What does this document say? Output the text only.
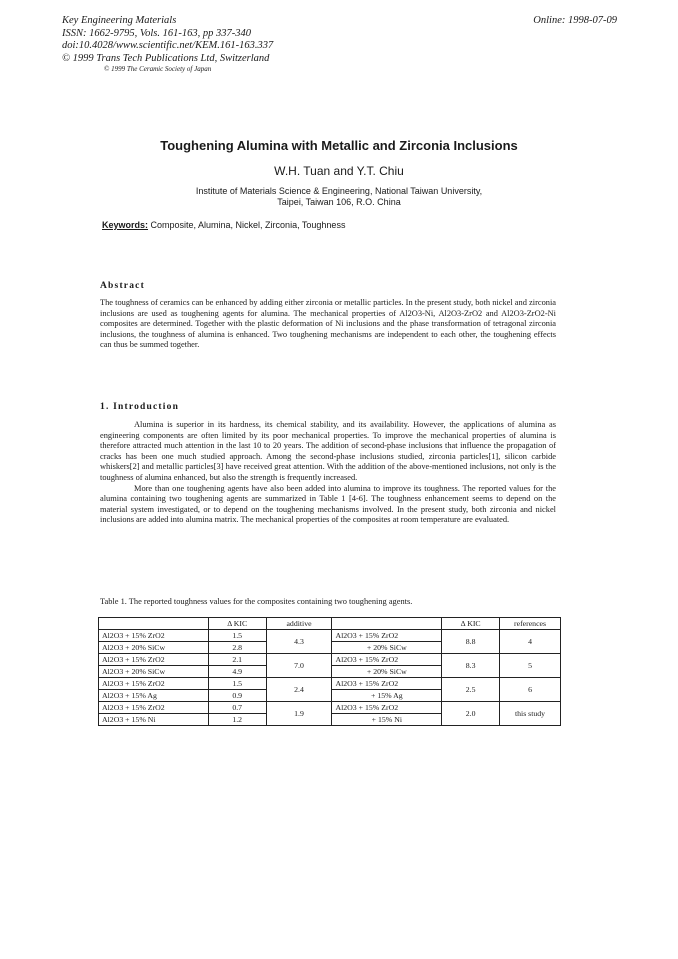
Key Engineering Materials
ISSN: 1662-9795, Vols. 161-163, pp 337-340
doi:10.4028/www.scientific.net/KEM.161-163.337
© 1999 Trans Tech Publications Ltd, Switzerland
© 1999 The Ceramic Society of Japan
Online: 1998-07-09
Toughening Alumina with Metallic and Zirconia Inclusions
W.H. Tuan and Y.T. Chiu
Institute of Materials Science & Engineering, National Taiwan University,
Taipei, Taiwan 106, R.O. China
Keywords: Composite, Alumina, Nickel, Zirconia, Toughness
Abstract

The toughness of ceramics can be enhanced by adding either zirconia or metallic particles. In the present study, both nickel and zirconia inclusions are used as toughening agents for alumina. The mechanical properties of Al2O3-Ni, Al2O3-ZrO2 and Al2O3-ZrO2-Ni composites are determined. Together with the plastic deformation of Ni inclusions and the phase transformation of tetragonal zirconia inclusions, the toughness of alumina is enhanced. Two toughening mechanisms are independent to each other, the toughening effects can thus be summed together.

1. Introduction

Alumina is superior in its hardness, its chemical stability, and its availability. However, the applications of alumina as engineering components are often limited by its poor mechanical properties. To improve the mechanical properties of alumina is therefore attracted much attention in the last 10 to 20 years. The addition of second-phase inclusions that influence the propagation of cracks has been one much studied approach. Among the second-phase inclusions studied, zirconia particles[1], silicon carbide whiskers[2] and metallic particles[3] have received great attention. With the addition of the above-mentioned inclusions, not only is the toughness of alumina enhanced, but also the strength is frequently increased.

More than one toughening agents have also been added into alumina to improve its toughness. The reported values for the alumina containing two toughening agents are summarized in Table 1 [4-6]. The toughness enhancement seems to depend on the material system investigated, or to depend on the toughening mechanisms involved. In the present study, both zirconia and nickel inclusions are added into alumina matrix. The mechanical properties of the composites at room temperature are evaluated.

Table 1. The reported toughness values for the composites containing two toughening agents.
	Δ KIC	additive		Δ KIC	references
Al2O3 + 15% ZrO2	1.5	4.3	Al2O3 + 15% ZrO2	8.8	4
Al2O3 + 20% SiCw	2.8		+ 20% SiCw		
Al2O3 + 15% ZrO2	2.1	7.0	Al2O3 + 15% ZrO2	8.3	5
Al2O3 + 20% SiCw	4.9		+ 20% SiCw		
Al2O3 + 15% ZrO2	1.5	2.4	Al2O3 + 15% ZrO2	2.5	6
Al2O3 + 15% Ag	0.9		+ 15% Ag		
Al2O3 + 15% ZrO2	0.7	1.9	Al2O3 + 15% ZrO2	2.0	this study
Al2O3 + 15% Ni	1.2		+ 15% Ni		
